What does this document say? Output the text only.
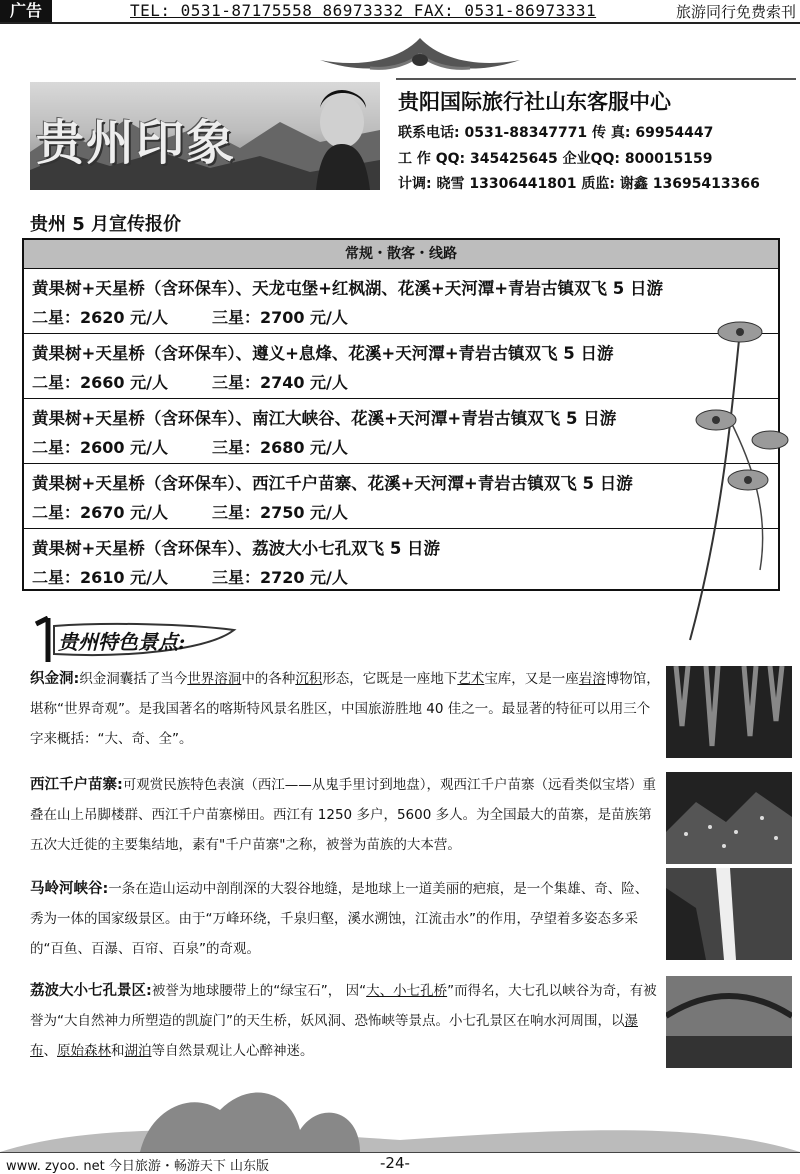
广告	TEL: 0531-87175558 86973332 FAX: 0531-86973331	旅游同行免费索刊
贵州印象
贵阳国际旅行社山东客服中心
联系电话: 0531-88347771 传 真: 69954447
工 作 QQ: 345425645 企业QQ: 800015159
计调: 晓雪 13306441801 质监: 谢鑫 13695413366
贵州 5 月宣传报价
常规・散客・线路
黄果树+天星桥（含环保车）、天龙屯堡+红枫湖、花溪+天河潭+青岩古镇双飞 5 日游
二星：2620 元/人	三星：2700 元/人
黄果树+天星桥（含环保车）、遵义+息烽、花溪+天河潭+青岩古镇双飞 5 日游
二星：2660 元/人	三星：2740 元/人
黄果树+天星桥（含环保车）、南江大峡谷、花溪+天河潭+青岩古镇双飞 5 日游
二星：2600 元/人	三星：2680 元/人
黄果树+天星桥（含环保车）、西江千户苗寨、花溪+天河潭+青岩古镇双飞 5 日游
二星：2670 元/人	三星：2750 元/人
黄果树+天星桥（含环保车）、荔波大小七孔双飞 5 日游
二星：2610 元/人	三星：2720 元/人
贵州特色景点:
织金洞:织金洞囊括了当今世界溶洞中的各种沉积形态，它既是一座地下艺术宝库，又是一座岩溶博物馆，堪称“世界奇观”。是我国著名的喀斯特风景名胜区，中国旅游胜地 40 佳之一。最显著的特征可以用三个字来概括：“大、奇、全”。
西江千户苗寨:可观赏民族特色表演（西江——从鬼手里讨到地盘），观西江千户苗寨（远看类似宝塔）重叠在山上吊脚楼群、西江千户苗寨梯田。西江有 1250 多户，5600 多人。为全国最大的苗寨，是苗族第五次大迁徙的主要集结地，素有"千户苗寨"之称，被誉为苗族的大本营。
马岭河峡谷:一条在造山运动中剖削深的大裂谷地缝，是地球上一道美丽的疤痕，是一个集雄、奇、险、秀为一体的国家级景区。由于“万峰环绕，千泉归壑，溪水溯蚀，江流击水”的作用，孕望着多姿态多采的“百鱼、百瀑、百帘、百泉”的奇观。
荔波大小七孔景区:被誉为地球腰带上的“绿宝石”， 因“大、小七孔桥”而得名，大七孔以峡谷为奇，有被誉为“大自然神力所塑造的凯旋门”的天生桥，妖风洞、恐怖峡等景点。小七孔景区在响水河周围，以瀑布、原始森林和湖泊等自然景观让人心醉神迷。
www. zyoo. net 今日旅游・畅游天下 山东版	-24-
